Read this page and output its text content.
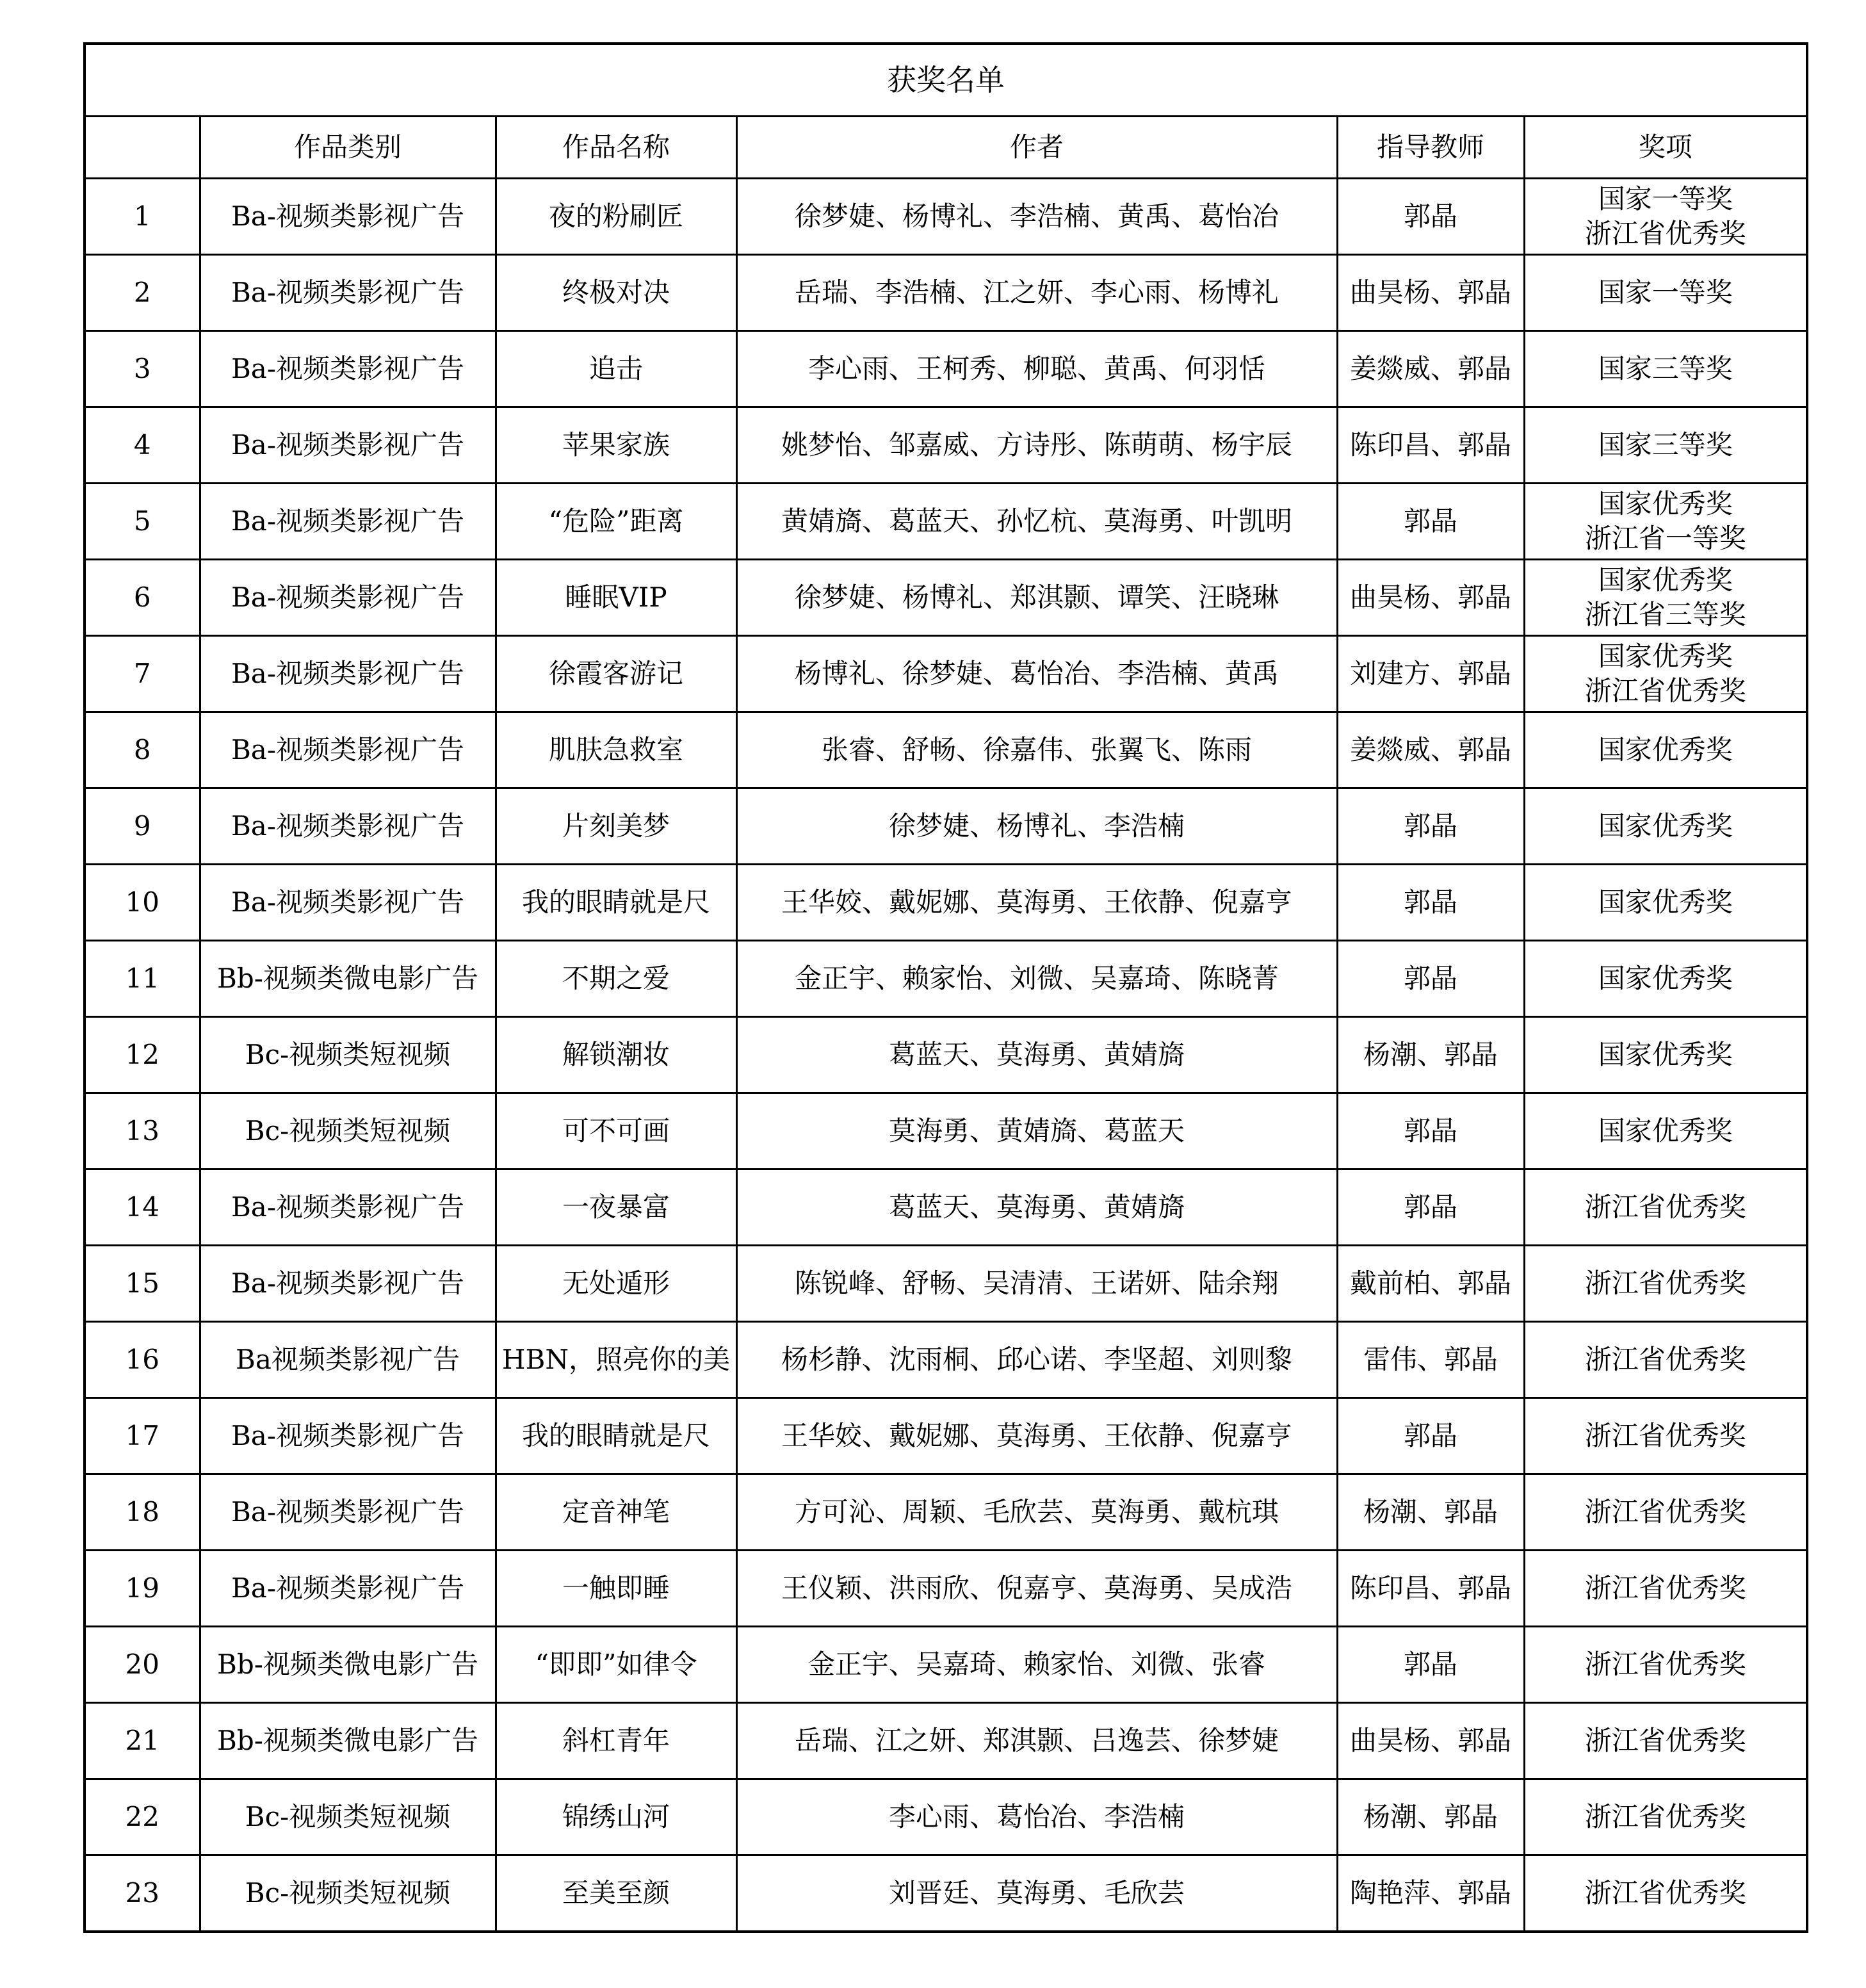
获奖名单					
	作品类别	作品名称	作者	指导教师	奖项
1	Ba-视频类影视广告	夜的粉刷匠	徐梦婕、杨博礼、李浩楠、黄禹、葛怡冶	郭晶	国家一等奖
浙江省优秀奖

2	Ba-视频类影视广告	终极对决	岳瑞、李浩楠、江之妍、李心雨、杨博礼	曲昊杨、郭晶	国家一等奖

3	Ba-视频类影视广告	追击	李心雨、王柯秀、柳聪、黄禹、何羽恬	姜燚威、郭晶	国家三等奖

4	Ba-视频类影视广告	苹果家族	姚梦怡、邹嘉威、方诗彤、陈萌萌、杨宇辰	陈印昌、郭晶	国家三等奖

5	Ba-视频类影视广告	“危险”距离	黄婧旖、葛蓝天、孙忆杭、莫海勇、叶凯明	郭晶	国家优秀奖
浙江省一等奖

6	Ba-视频类影视广告	睡眠VIP	徐梦婕、杨博礼、郑淇颢、谭笑、汪晓琳	曲昊杨、郭晶	国家优秀奖
浙江省三等奖

7	Ba-视频类影视广告	徐霞客游记	杨博礼、徐梦婕、葛怡冶、李浩楠、黄禹	刘建方、郭晶	国家优秀奖
浙江省优秀奖

8	Ba-视频类影视广告	肌肤急救室	张睿、舒畅、徐嘉伟、张翼飞、陈雨	姜燚威、郭晶	国家优秀奖

9	Ba-视频类影视广告	片刻美梦	徐梦婕、杨博礼、李浩楠	郭晶	国家优秀奖

10	Ba-视频类影视广告	我的眼睛就是尺	王华姣、戴妮娜、莫海勇、王依静、倪嘉亨	郭晶	国家优秀奖

11	Bb-视频类微电影广告	不期之爱	金正宇、赖家怡、刘微、吴嘉琦、陈晓菁	郭晶	国家优秀奖

12	Bc-视频类短视频	解锁潮妆	葛蓝天、莫海勇、黄婧旖	杨潮、郭晶	国家优秀奖

13	Bc-视频类短视频	可不可画	莫海勇、黄婧旖、葛蓝天	郭晶	国家优秀奖

14	Ba-视频类影视广告	一夜暴富	葛蓝天、莫海勇、黄婧旖	郭晶	浙江省优秀奖

15	Ba-视频类影视广告	无处遁形	陈锐峰、舒畅、吴清清、王诺妍、陆余翔	戴前柏、郭晶	浙江省优秀奖

16	Ba视频类影视广告	HBN，照亮你的美	杨杉静、沈雨桐、邱心诺、李坚超、刘则黎	雷伟、郭晶	浙江省优秀奖

17	Ba-视频类影视广告	我的眼睛就是尺	王华姣、戴妮娜、莫海勇、王依静、倪嘉亨	郭晶	浙江省优秀奖

18	Ba-视频类影视广告	定音神笔	方可沁、周颖、毛欣芸、莫海勇、戴杭琪	杨潮、郭晶	浙江省优秀奖

19	Ba-视频类影视广告	一触即睡	王仪颖、洪雨欣、倪嘉亨、莫海勇、吴成浩	陈印昌、郭晶	浙江省优秀奖

20	Bb-视频类微电影广告	“即即”如律令	金正宇、吴嘉琦、赖家怡、刘微、张睿	郭晶	浙江省优秀奖

21	Bb-视频类微电影广告	斜杠青年	岳瑞、江之妍、郑淇颢、吕逸芸、徐梦婕	曲昊杨、郭晶	浙江省优秀奖

22	Bc-视频类短视频	锦绣山河	李心雨、葛怡冶、李浩楠	杨潮、郭晶	浙江省优秀奖

23	Bc-视频类短视频	至美至颜	刘晋廷、莫海勇、毛欣芸	陶艳萍、郭晶	浙江省优秀奖
